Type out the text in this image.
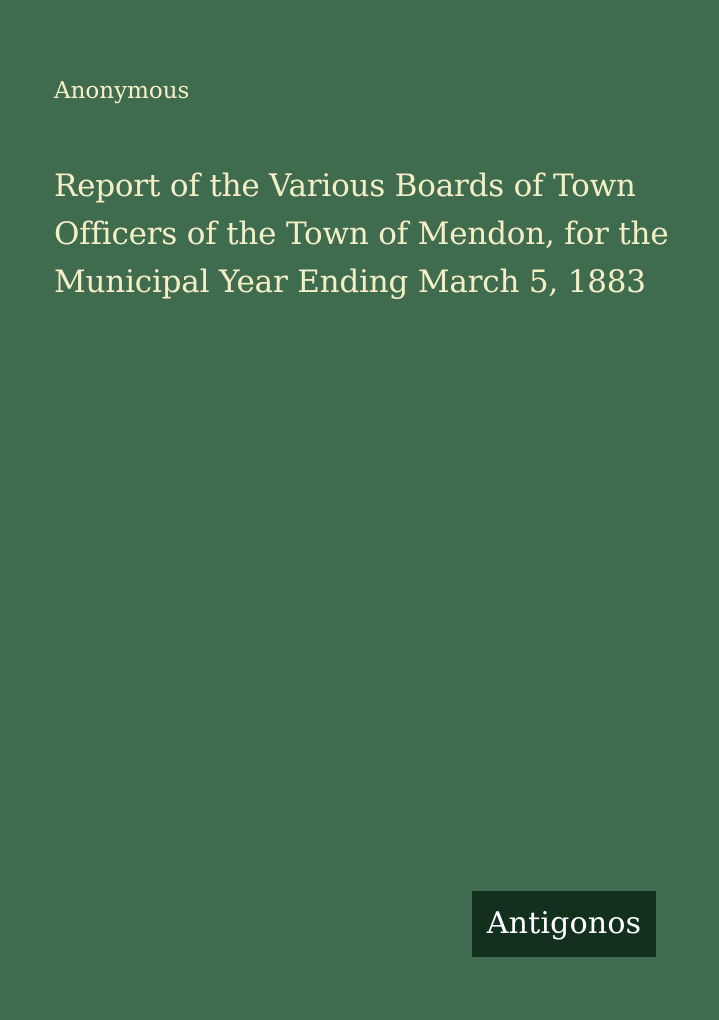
Anonymous

Report of the Various Boards of Town Officers of the Town of Mendon, for the Municipal Year Ending March 5, 1883
Antigonos
